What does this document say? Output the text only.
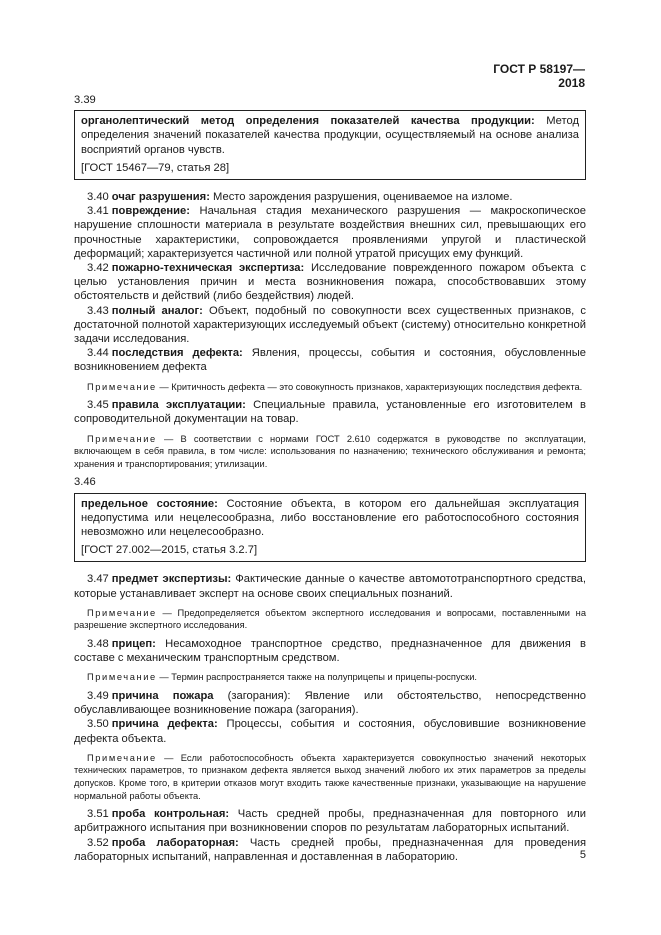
ГОСТ Р 58197—2018
3.39

органолептический метод определения показателей качества продукции: Метод определения значений показателей качества продукции, осуществляемый на основе анализа восприятий органов чувств.

[ГОСТ 15467—79, статья 28]

3.40 очаг разрушения: Место зарождения разрушения, оцениваемое на изломе.

3.41 повреждение: Начальная стадия механического разрушения — макроскопическое нарушение сплошности материала в результате воздействия внешних сил, превышающих его прочностные характеристики, сопровождается проявлениями упругой и пластической деформаций; характеризуется частичной или полной утратой присущих ему функций.

3.42 пожарно-техническая экспертиза: Исследование поврежденного пожаром объекта с целью установления причин и места возникновения пожара, способствовавших этому обстоятельств и действий (либо бездействия) людей.

3.43 полный аналог: Объект, подобный по совокупности всех существенных признаков, с достаточной полнотой характеризующих исследуемый объект (систему) относительно конкретной задачи исследования.

3.44 последствия дефекта: Явления, процессы, события и состояния, обусловленные возникновением дефекта

Примечание — Критичность дефекта — это совокупность признаков, характеризующих последствия дефекта.

3.45 правила эксплуатации: Специальные правила, установленные его изготовителем в сопроводительной документации на товар.

Примечание — В соответствии с нормами ГОСТ 2.610 содержатся в руководстве по эксплуатации, включающем в себя правила, в том числе: использования по назначению; технического обслуживания и ремонта; хранения и транспортирования; утилизации.

3.46

предельное состояние: Состояние объекта, в котором его дальнейшая эксплуатация недопустима или нецелесообразна, либо восстановление его работоспособного состояния невозможно или нецелесообразно.

[ГОСТ 27.002—2015, статья 3.2.7]

3.47 предмет экспертизы: Фактические данные о качестве автомототранспортного средства, которые устанавливает эксперт на основе своих специальных познаний.

Примечание — Предопределяется объектом экспертного исследования и вопросами, поставленными на разрешение экспертного исследования.

3.48 прицеп: Несамоходное транспортное средство, предназначенное для движения в составе с механическим транспортным средством.

Примечание — Термин распространяется также на полуприцепы и прицепы-роспуски.

3.49 причина пожара (загорания): Явление или обстоятельство, непосредственно обуславливающее возникновение пожара (загорания).

3.50 причина дефекта: Процессы, события и состояния, обусловившие возникновение дефекта объекта.

Примечание — Если работоспособность объекта характеризуется совокупностью значений некоторых технических параметров, то признаком дефекта является выход значений любого их этих параметров за пределы допусков. Кроме того, в критерии отказов могут входить также качественные признаки, указывающие на нарушение нормальной работы объекта.

3.51 проба контрольная: Часть средней пробы, предназначенная для повторного или арбитражного испытания при возникновении споров по результатам лабораторных испытаний.

3.52 проба лабораторная: Часть средней пробы, предназначенная для проведения лабораторных испытаний, направленная и доставленная в лабораторию.	5
